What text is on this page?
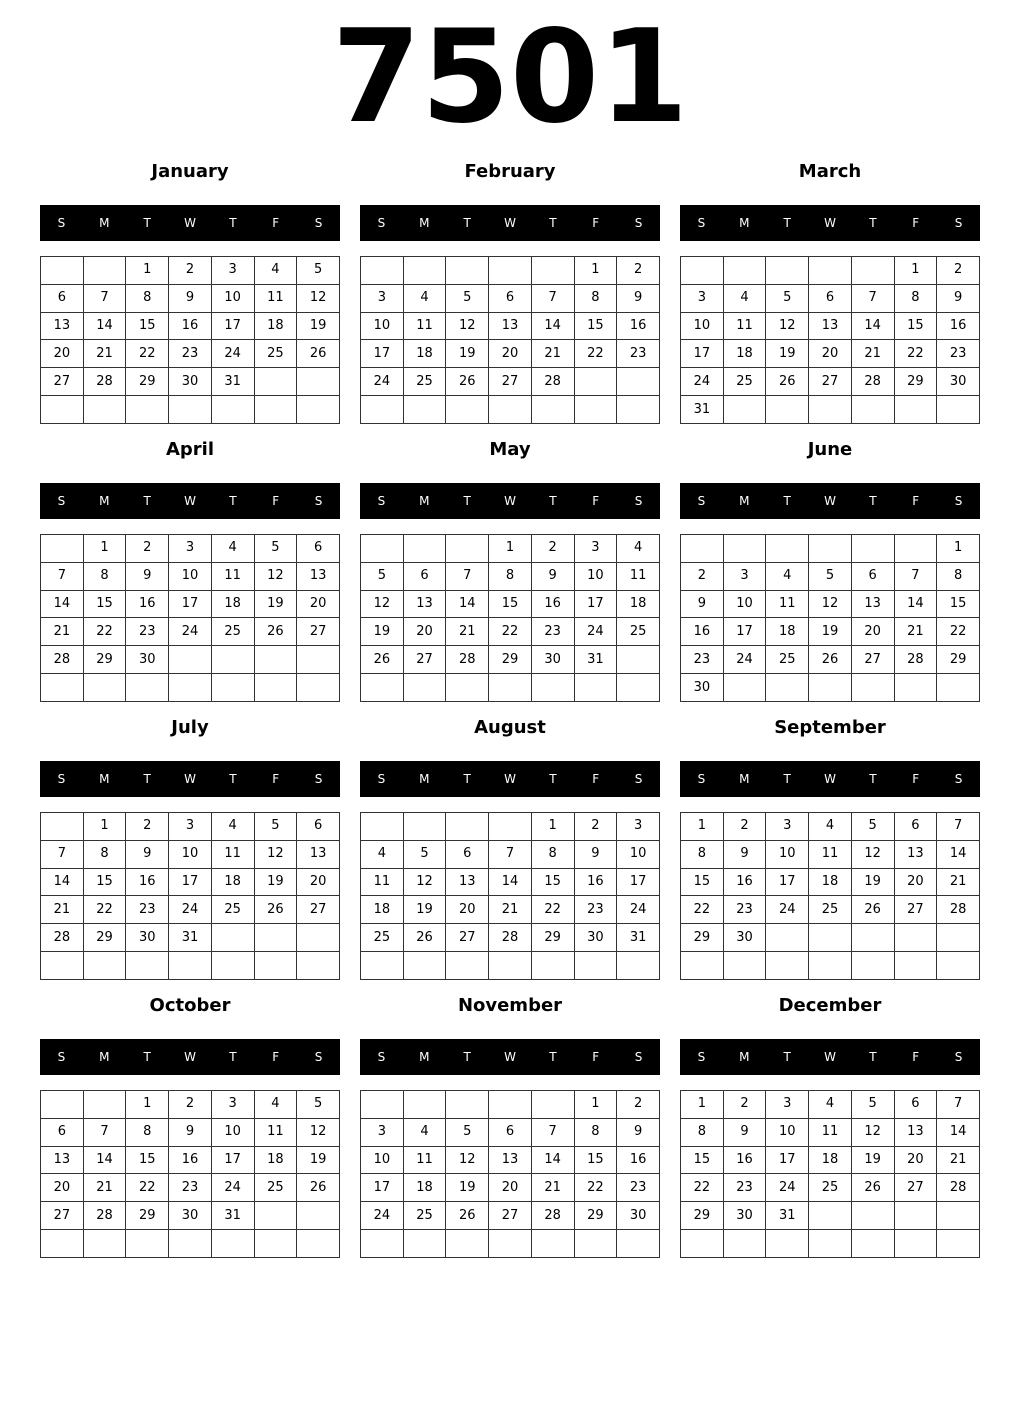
7501
January
S	M	T	W	T	F	S
		1	2	3	4	5
6	7	8	9	10	11	12
13	14	15	16	17	18	19
20	21	22	23	24	25	26
27	28	29	30	31		

February
S	M	T	W	T	F	S
					1	2
3	4	5	6	7	8	9
10	11	12	13	14	15	16
17	18	19	20	21	22	23
24	25	26	27	28		

March
S	M	T	W	T	F	S
					1	2
3	4	5	6	7	8	9
10	11	12	13	14	15	16
17	18	19	20	21	22	23
24	25	26	27	28	29	30
31						
April
S	M	T	W	T	F	S
	1	2	3	4	5	6
7	8	9	10	11	12	13
14	15	16	17	18	19	20
21	22	23	24	25	26	27
28	29	30				

May
S	M	T	W	T	F	S
			1	2	3	4
5	6	7	8	9	10	11
12	13	14	15	16	17	18
19	20	21	22	23	24	25
26	27	28	29	30	31	

June
S	M	T	W	T	F	S
						1
2	3	4	5	6	7	8
9	10	11	12	13	14	15
16	17	18	19	20	21	22
23	24	25	26	27	28	29
30						
July
S	M	T	W	T	F	S
	1	2	3	4	5	6
7	8	9	10	11	12	13
14	15	16	17	18	19	20
21	22	23	24	25	26	27
28	29	30	31			

August
S	M	T	W	T	F	S
				1	2	3
4	5	6	7	8	9	10
11	12	13	14	15	16	17
18	19	20	21	22	23	24
25	26	27	28	29	30	31

September
S	M	T	W	T	F	S
1	2	3	4	5	6	7
8	9	10	11	12	13	14
15	16	17	18	19	20	21
22	23	24	25	26	27	28
29	30					

October
S	M	T	W	T	F	S
		1	2	3	4	5
6	7	8	9	10	11	12
13	14	15	16	17	18	19
20	21	22	23	24	25	26
27	28	29	30	31		

November
S	M	T	W	T	F	S
					1	2
3	4	5	6	7	8	9
10	11	12	13	14	15	16
17	18	19	20	21	22	23
24	25	26	27	28	29	30

December
S	M	T	W	T	F	S
1	2	3	4	5	6	7
8	9	10	11	12	13	14
15	16	17	18	19	20	21
22	23	24	25	26	27	28
29	30	31				
